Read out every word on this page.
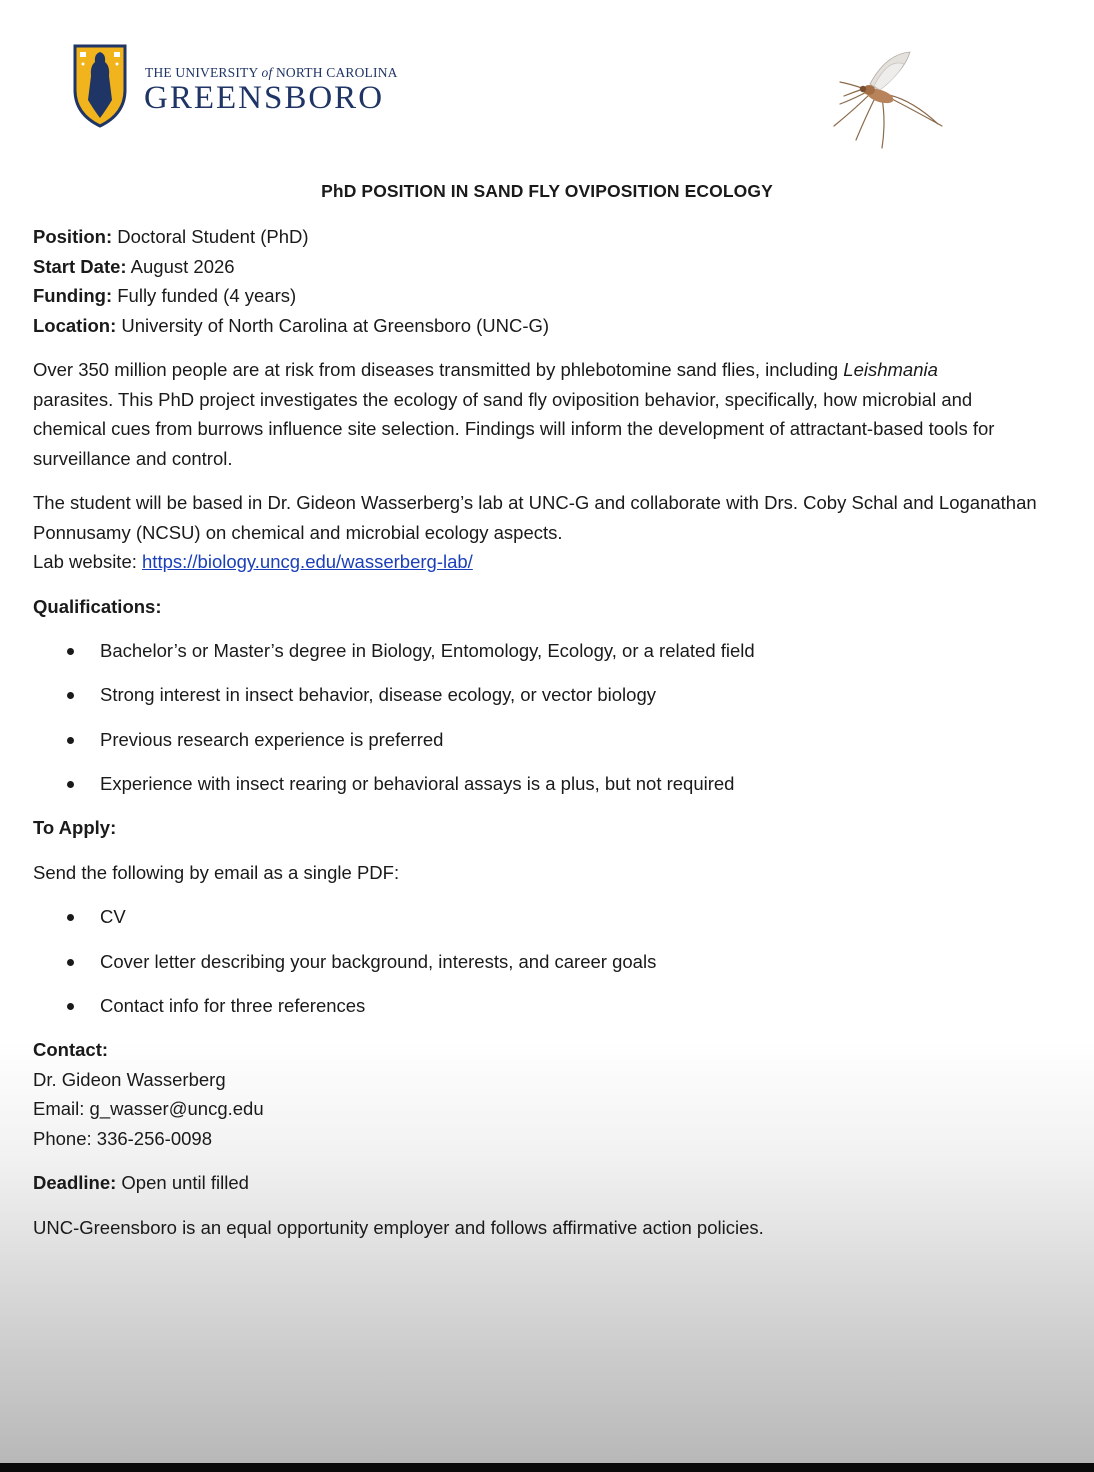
THE UNIVERSITY of NORTH CAROLINA
GREENSBORO
PhD POSITION IN SAND FLY OVIPOSITION ECOLOGY

Position: Doctoral Student (PhD)

Start Date: August 2026

Funding: Fully funded (4 years)

Location: University of North Carolina at Greensboro (UNC-G)

Over 350 million people are at risk from diseases transmitted by phlebotomine sand flies, including Leishmania

parasites. This PhD project investigates the ecology of sand fly oviposition behavior, specifically, how microbial and

chemical cues from burrows influence site selection. Findings will inform the development of attractant-based tools for

surveillance and control.

The student will be based in Dr. Gideon Wasserberg’s lab at UNC-G and collaborate with Drs. Coby Schal and Loganathan

Ponnusamy (NCSU) on chemical and microbial ecology aspects.

Lab website: https://biology.uncg.edu/wasserberg-lab/

Qualifications:

Bachelor’s or Master’s degree in Biology, Entomology, Ecology, or a related field
Strong interest in insect behavior, disease ecology, or vector biology
Previous research experience is preferred
Experience with insect rearing or behavioral assays is a plus, but not required

To Apply:

Send the following by email as a single PDF:

CV
Cover letter describing your background, interests, and career goals
Contact info for three references

Contact:

Dr. Gideon Wasserberg

Email: g_wasser@uncg.edu

Phone: 336-256-0098

Deadline: Open until filled

UNC-Greensboro is an equal opportunity employer and follows affirmative action policies.
